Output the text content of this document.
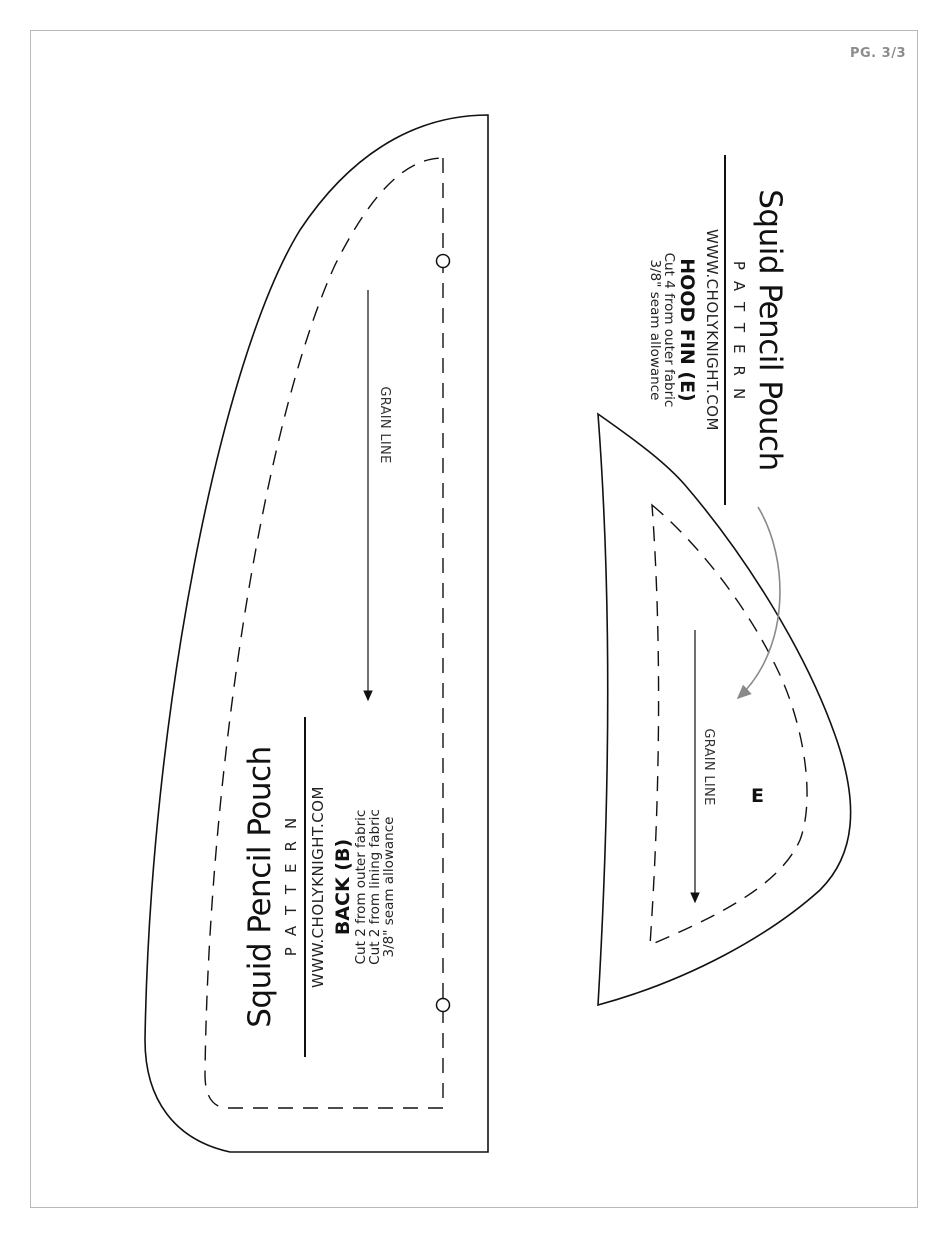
PG. 3/3
Squid Pencil Pouch PATTERN WWW.CHOLYKNIGHT.COM BACK (B) Cut 2 from outer fabric
Cut 2 from lining fabric
3/8" seam allowance
GRAIN LINE	Squid Pencil Pouch
PATTERN
WWW.CHOLYKNIGHT.COM
HOOD FIN (E)
Cut 4 from outer fabric
3/8" seam allowance
GRAIN LINE E
